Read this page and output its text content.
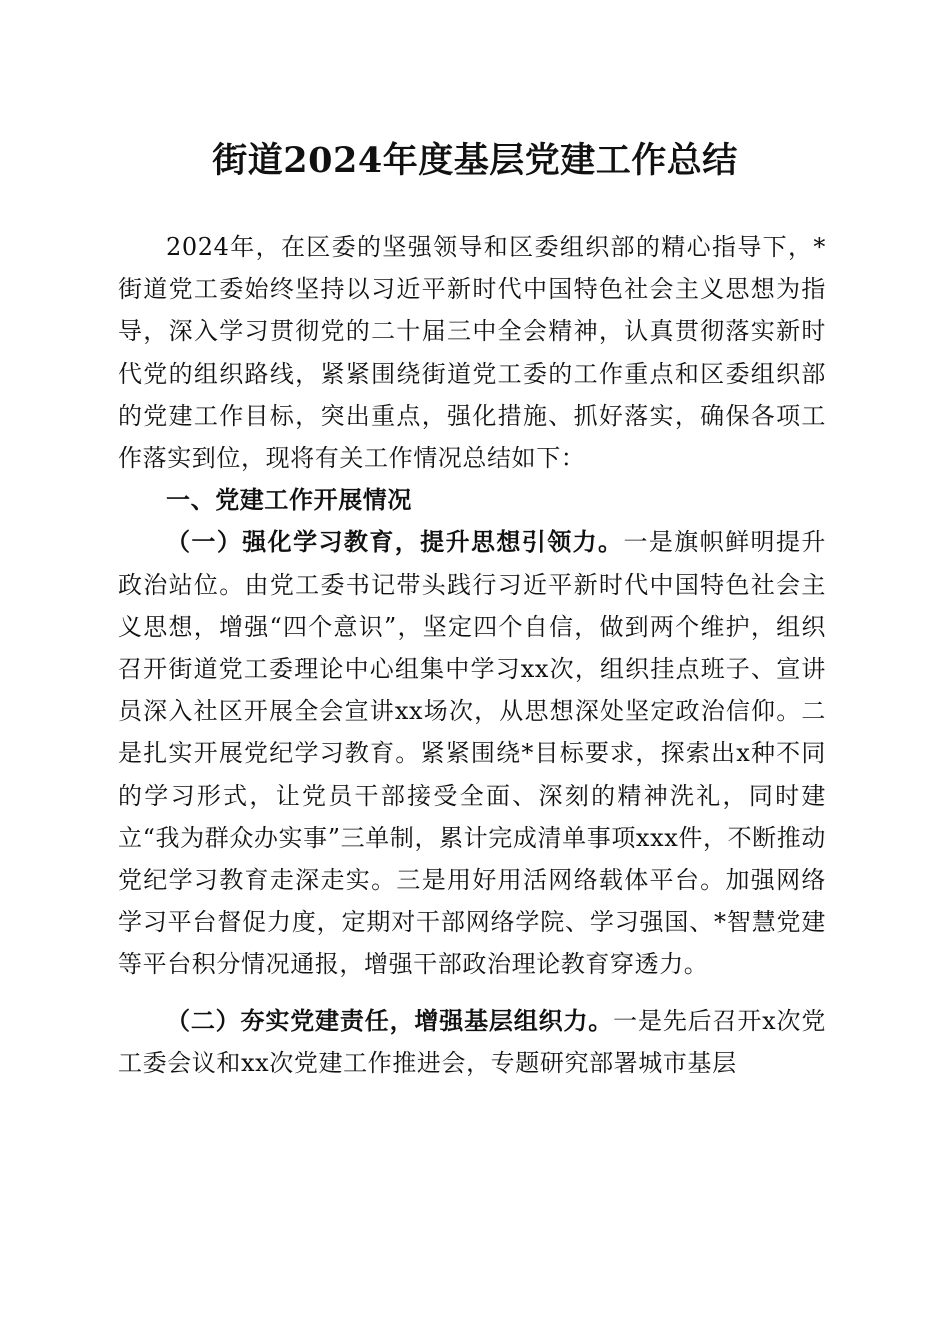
街道2024年度基层党建工作总结

2024年，在区委的坚强领导和区委组织部的精心指导下，*街道党工委始终坚持以习近平新时代中国特色社会主义思想为指导，深入学习贯彻党的二十届三中全会精神，认真贯彻落实新时代党的组织路线，紧紧围绕街道党工委的工作重点和区委组织部的党建工作目标，突出重点，强化措施、抓好落实，确保各项工作落实到位，现将有关工作情况总结如下：

一、党建工作开展情况

（一）强化学习教育，提升思想引领力。一是旗帜鲜明提升政治站位。由党工委书记带头践行习近平新时代中国特色社会主义思想，增强“四个意识”，坚定四个自信，做到两个维护，组织召开街道党工委理论中心组集中学习xx次，组织挂点班子、宣讲员深入社区开展全会宣讲xx场次，从思想深处坚定政治信仰。二是扎实开展党纪学习教育。紧紧围绕*目标要求，探索出x种不同的学习形式，让党员干部接受全面、深刻的精神洗礼，同时建立“我为群众办实事”三单制，累计完成清单事项xxx件，不断推动党纪学习教育走深走实。三是用好用活网络载体平台。加强网络学习平台督促力度，定期对干部网络学院、学习强国、*智慧党建等平台积分情况通报，增强干部政治理论教育穿透力。

（二）夯实党建责任，增强基层组织力。一是先后召开x次党工委会议和xx次党建工作推进会，专题研究部署城市基层
